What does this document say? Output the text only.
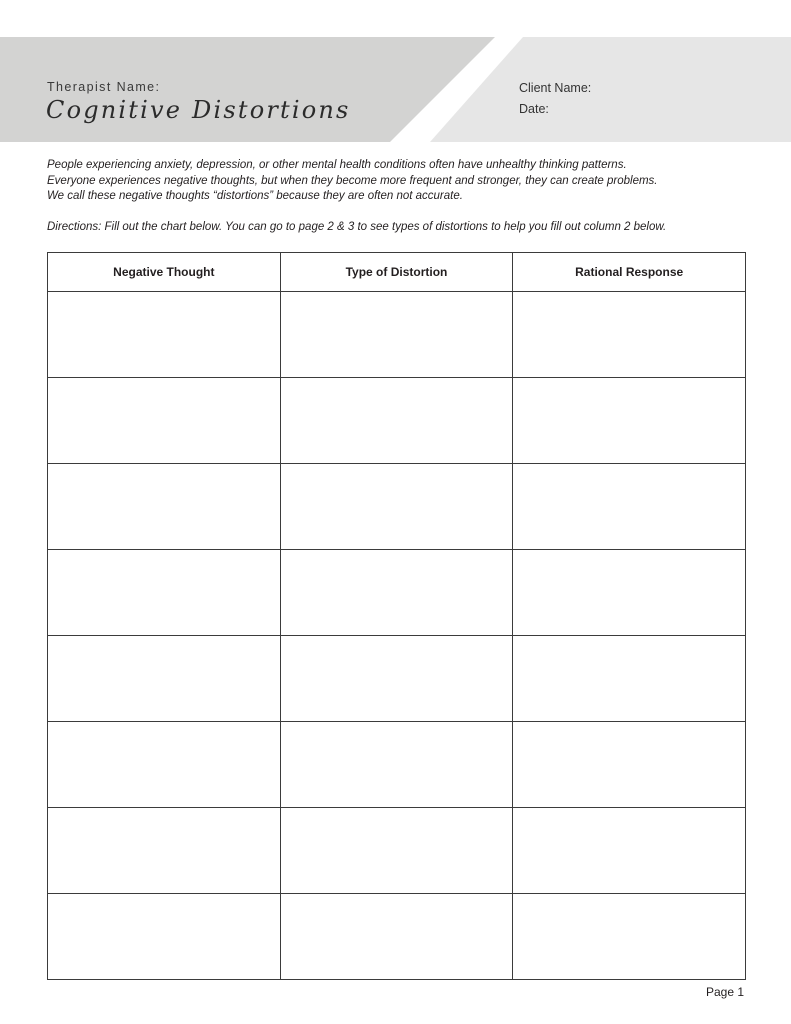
Therapist Name:
Cognitive Distortions
Client Name:
Date:

People experiencing anxiety, depression, or other mental health conditions often have unhealthy thinking patterns.

Everyone experiences negative thoughts, but when they become more frequent and stronger, they can create problems.

We call these negative thoughts “distortions” because they are often not accurate.

Directions: Fill out the chart below. You can go to page 2 & 3 to see types of distortions to help you fill out column 2 below.
Negative Thought	Type of Distortion	Rational Response

Page 1
